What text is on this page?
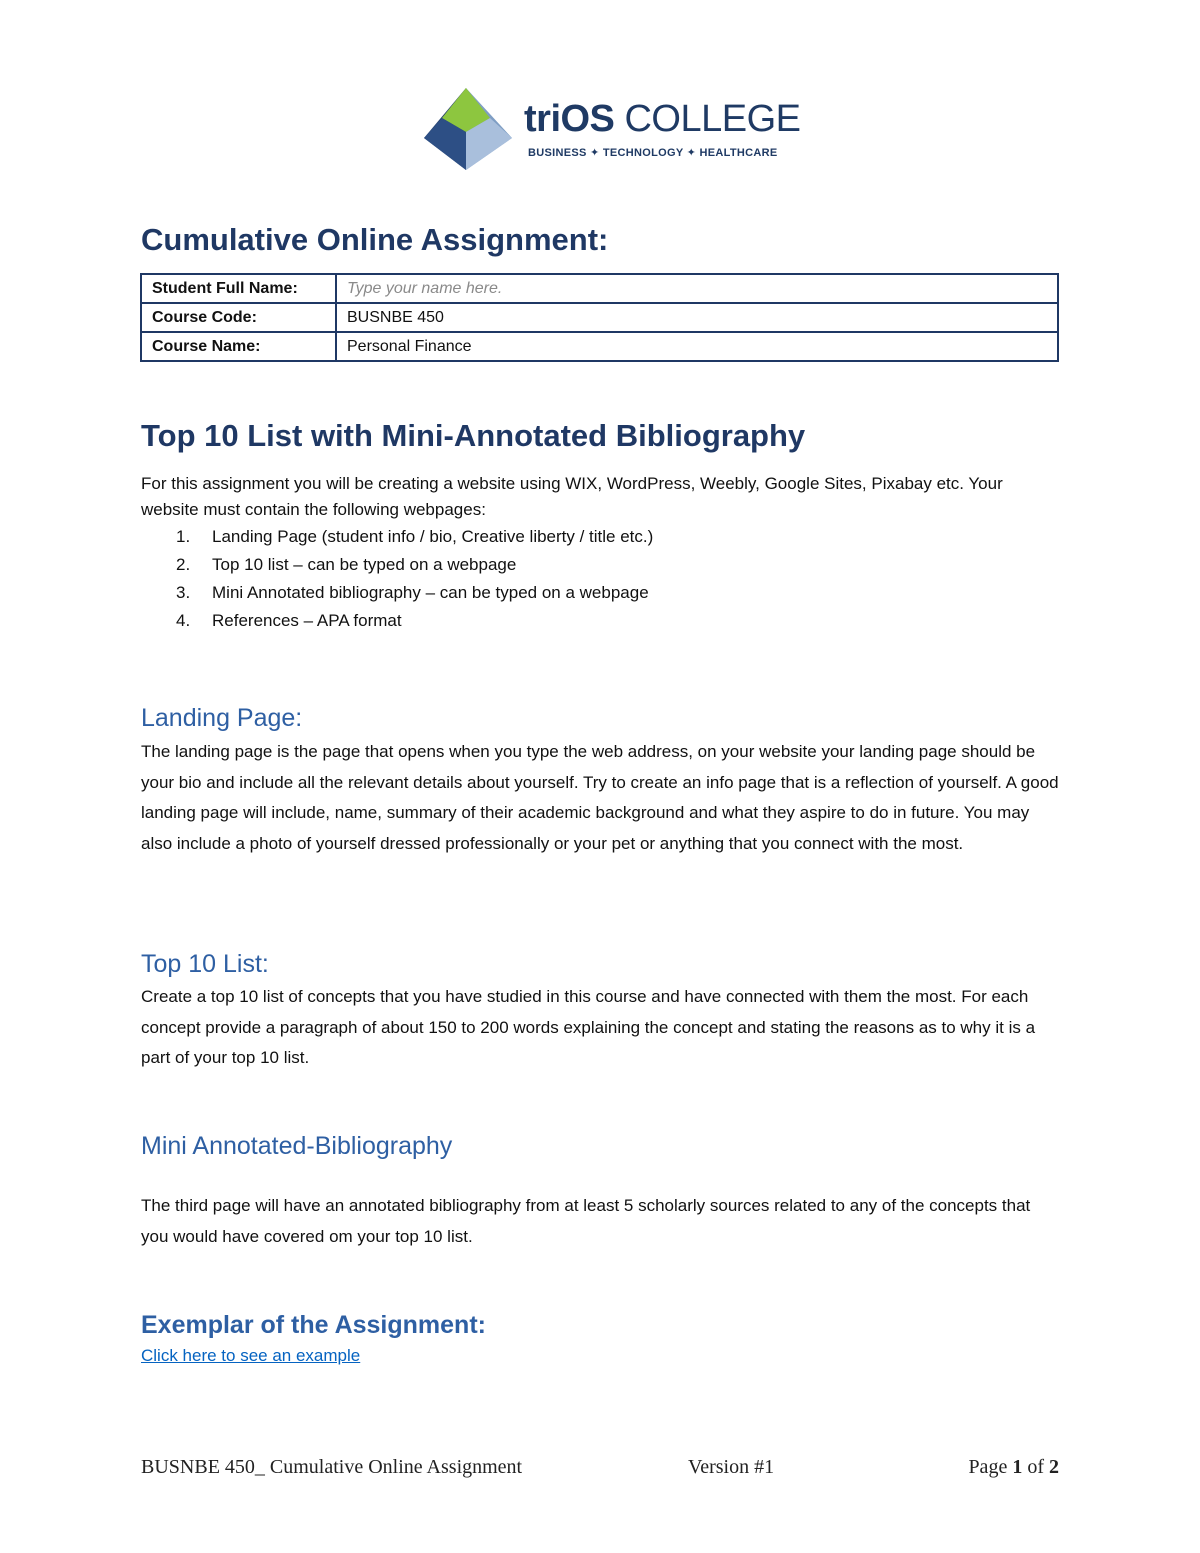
triOS COLLEGE
BUSINESS ✦ TECHNOLOGY ✦ HEALTHCARE
Cumulative Online Assignment:
Student Full Name:	Type your name here.
Course Code:	BUSNBE 450
Course Name:	Personal Finance
Top 10 List with Mini-Annotated Bibliography
For this assignment you will be creating a website using WIX, WordPress, Weebly, Google Sites, Pixabay etc. Your website must contain the following webpages:
1. Landing Page (student info / bio, Creative liberty / title etc.)
2. Top 10 list – can be typed on a webpage
3. Mini Annotated bibliography – can be typed on a webpage
4. References – APA format
Landing Page:
The landing page is the page that opens when you type the web address, on your website your landing page should be your bio and include all the relevant details about yourself. Try to create an info page that is a reflection of yourself. A good landing page will include, name, summary of their academic background and what they aspire to do in future. You may also include a photo of yourself dressed professionally or your pet or anything that you connect with the most.
Top 10 List:
Create a top 10 list of concepts that you have studied in this course and have connected with them the most. For each concept provide a paragraph of about 150 to 200 words explaining the concept and stating the reasons as to why it is a part of your top 10 list.
Mini Annotated-Bibliography
The third page will have an annotated bibliography from at least 5 scholarly sources related to any of the concepts that you would have covered om your top 10 list.
Exemplar of the Assignment:
Click here to see an example
BUSNBE 450_ Cumulative Online Assignment	Version #1	Page 1 of 2
